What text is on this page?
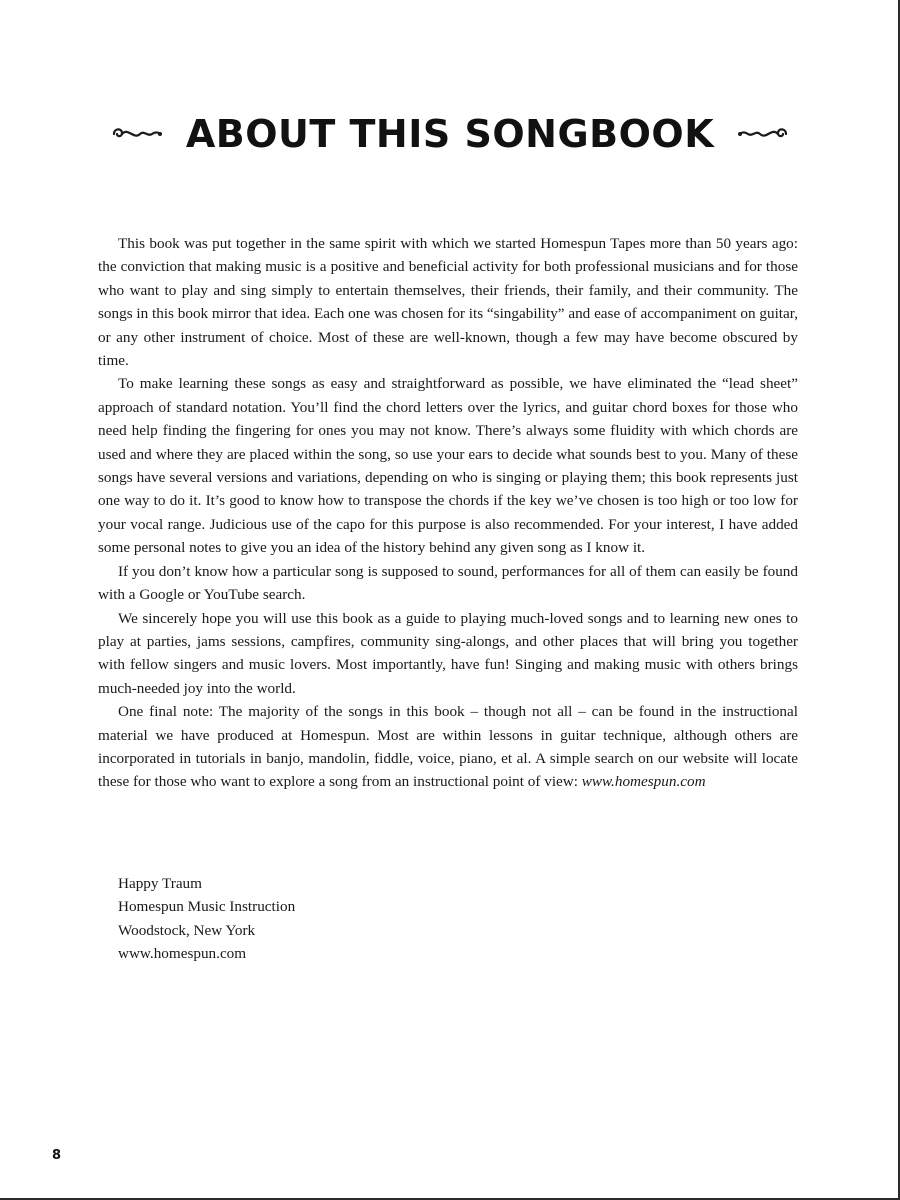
ABOUT THIS SONGBOOK

This book was put together in the same spirit with which we started Homespun Tapes more than 50 years ago: the conviction that making music is a positive and beneficial activity for both professional musicians and for those who want to play and sing simply to entertain themselves, their friends, their family, and their community. The songs in this book mirror that idea. Each one was chosen for its “singability” and ease of accompaniment on guitar, or any other instrument of choice. Most of these are well-known, though a few may have become obscured by time.

To make learning these songs as easy and straightforward as possible, we have eliminated the “lead sheet” approach of standard notation. You’ll find the chord letters over the lyrics, and guitar chord boxes for those who need help finding the fingering for ones you may not know. There’s always some fluidity with which chords are used and where they are placed within the song, so use your ears to decide what sounds best to you. Many of these songs have several versions and variations, depending on who is singing or playing them; this book represents just one way to do it. It’s good to know how to transpose the chords if the key we’ve chosen is too high or too low for your vocal range. Judicious use of the capo for this purpose is also recommended. For your interest, I have added some personal notes to give you an idea of the history behind any given song as I know it.

If you don’t know how a particular song is supposed to sound, performances for all of them can easily be found with a Google or YouTube search.

We sincerely hope you will use this book as a guide to playing much-loved songs and to learning new ones to play at parties, jams sessions, campfires, community sing-alongs, and other places that will bring you together with fellow singers and music lovers. Most importantly, have fun! Singing and making music with others brings much-needed joy into the world.

One final note: The majority of the songs in this book – though not all – can be found in the instructional material we have produced at Homespun. Most are within lessons in guitar technique, although others are incorporated in tutorials in banjo, mandolin, fiddle, voice, piano, et al. A simple search on our website will locate these for those who want to explore a song from an instructional point of view: www.homespun.com

Happy Traum
Homespun Music Instruction
Woodstock, New York
www.homespun.com
8
